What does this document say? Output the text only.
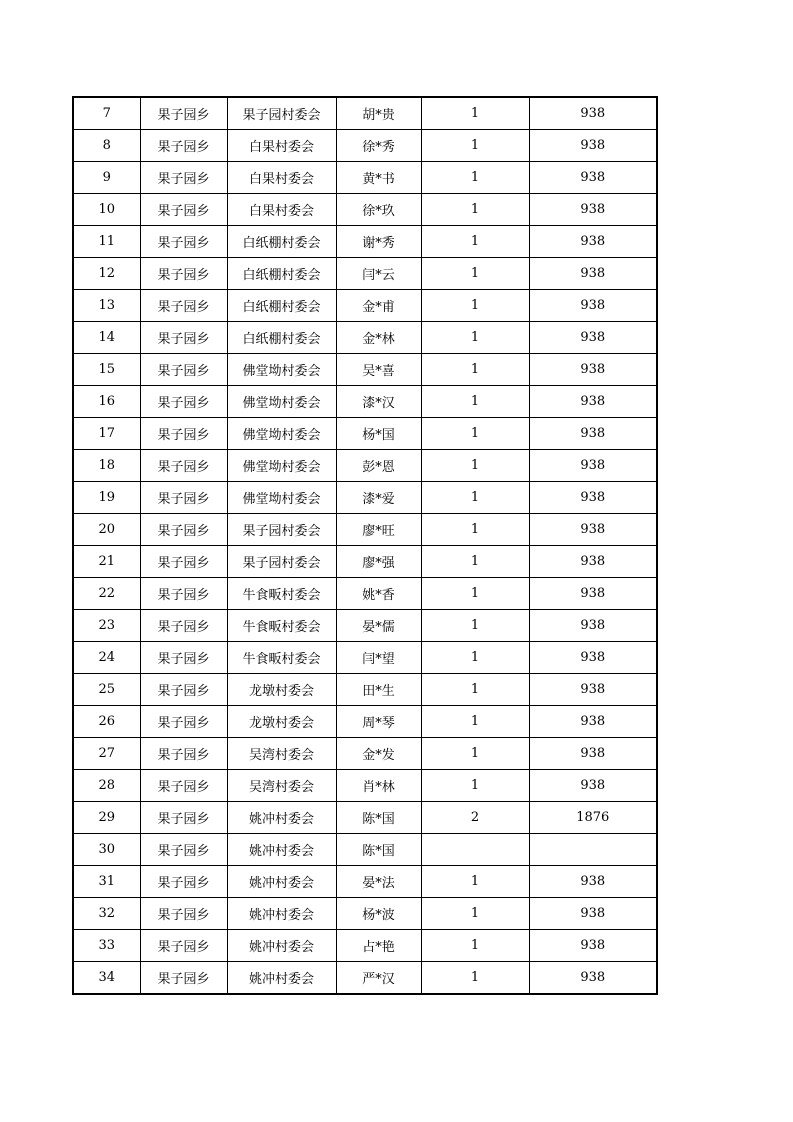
7	果子园乡	果子园村委会	胡*贵	1	938
8	果子园乡	白果村委会	徐*秀	1	938
9	果子园乡	白果村委会	黄*书	1	938
10	果子园乡	白果村委会	徐*玖	1	938
11	果子园乡	白纸棚村委会	谢*秀	1	938
12	果子园乡	白纸棚村委会	闫*云	1	938
13	果子园乡	白纸棚村委会	金*甫	1	938
14	果子园乡	白纸棚村委会	金*林	1	938
15	果子园乡	佛堂坳村委会	吴*喜	1	938
16	果子园乡	佛堂坳村委会	漆*汉	1	938
17	果子园乡	佛堂坳村委会	杨*国	1	938
18	果子园乡	佛堂坳村委会	彭*恩	1	938
19	果子园乡	佛堂坳村委会	漆*爱	1	938
20	果子园乡	果子园村委会	廖*旺	1	938
21	果子园乡	果子园村委会	廖*强	1	938
22	果子园乡	牛食畈村委会	姚*香	1	938
23	果子园乡	牛食畈村委会	晏*儒	1	938
24	果子园乡	牛食畈村委会	闫*望	1	938
25	果子园乡	龙墩村委会	田*生	1	938
26	果子园乡	龙墩村委会	周*琴	1	938
27	果子园乡	吴湾村委会	金*发	1	938
28	果子园乡	吴湾村委会	肖*林	1	938
29	果子园乡	姚冲村委会	陈*国	2	1876
30	果子园乡	姚冲村委会	陈*国		
31	果子园乡	姚冲村委会	晏*法	1	938
32	果子园乡	姚冲村委会	杨*波	1	938
33	果子园乡	姚冲村委会	占*艳	1	938
34	果子园乡	姚冲村委会	严*汉	1	938
